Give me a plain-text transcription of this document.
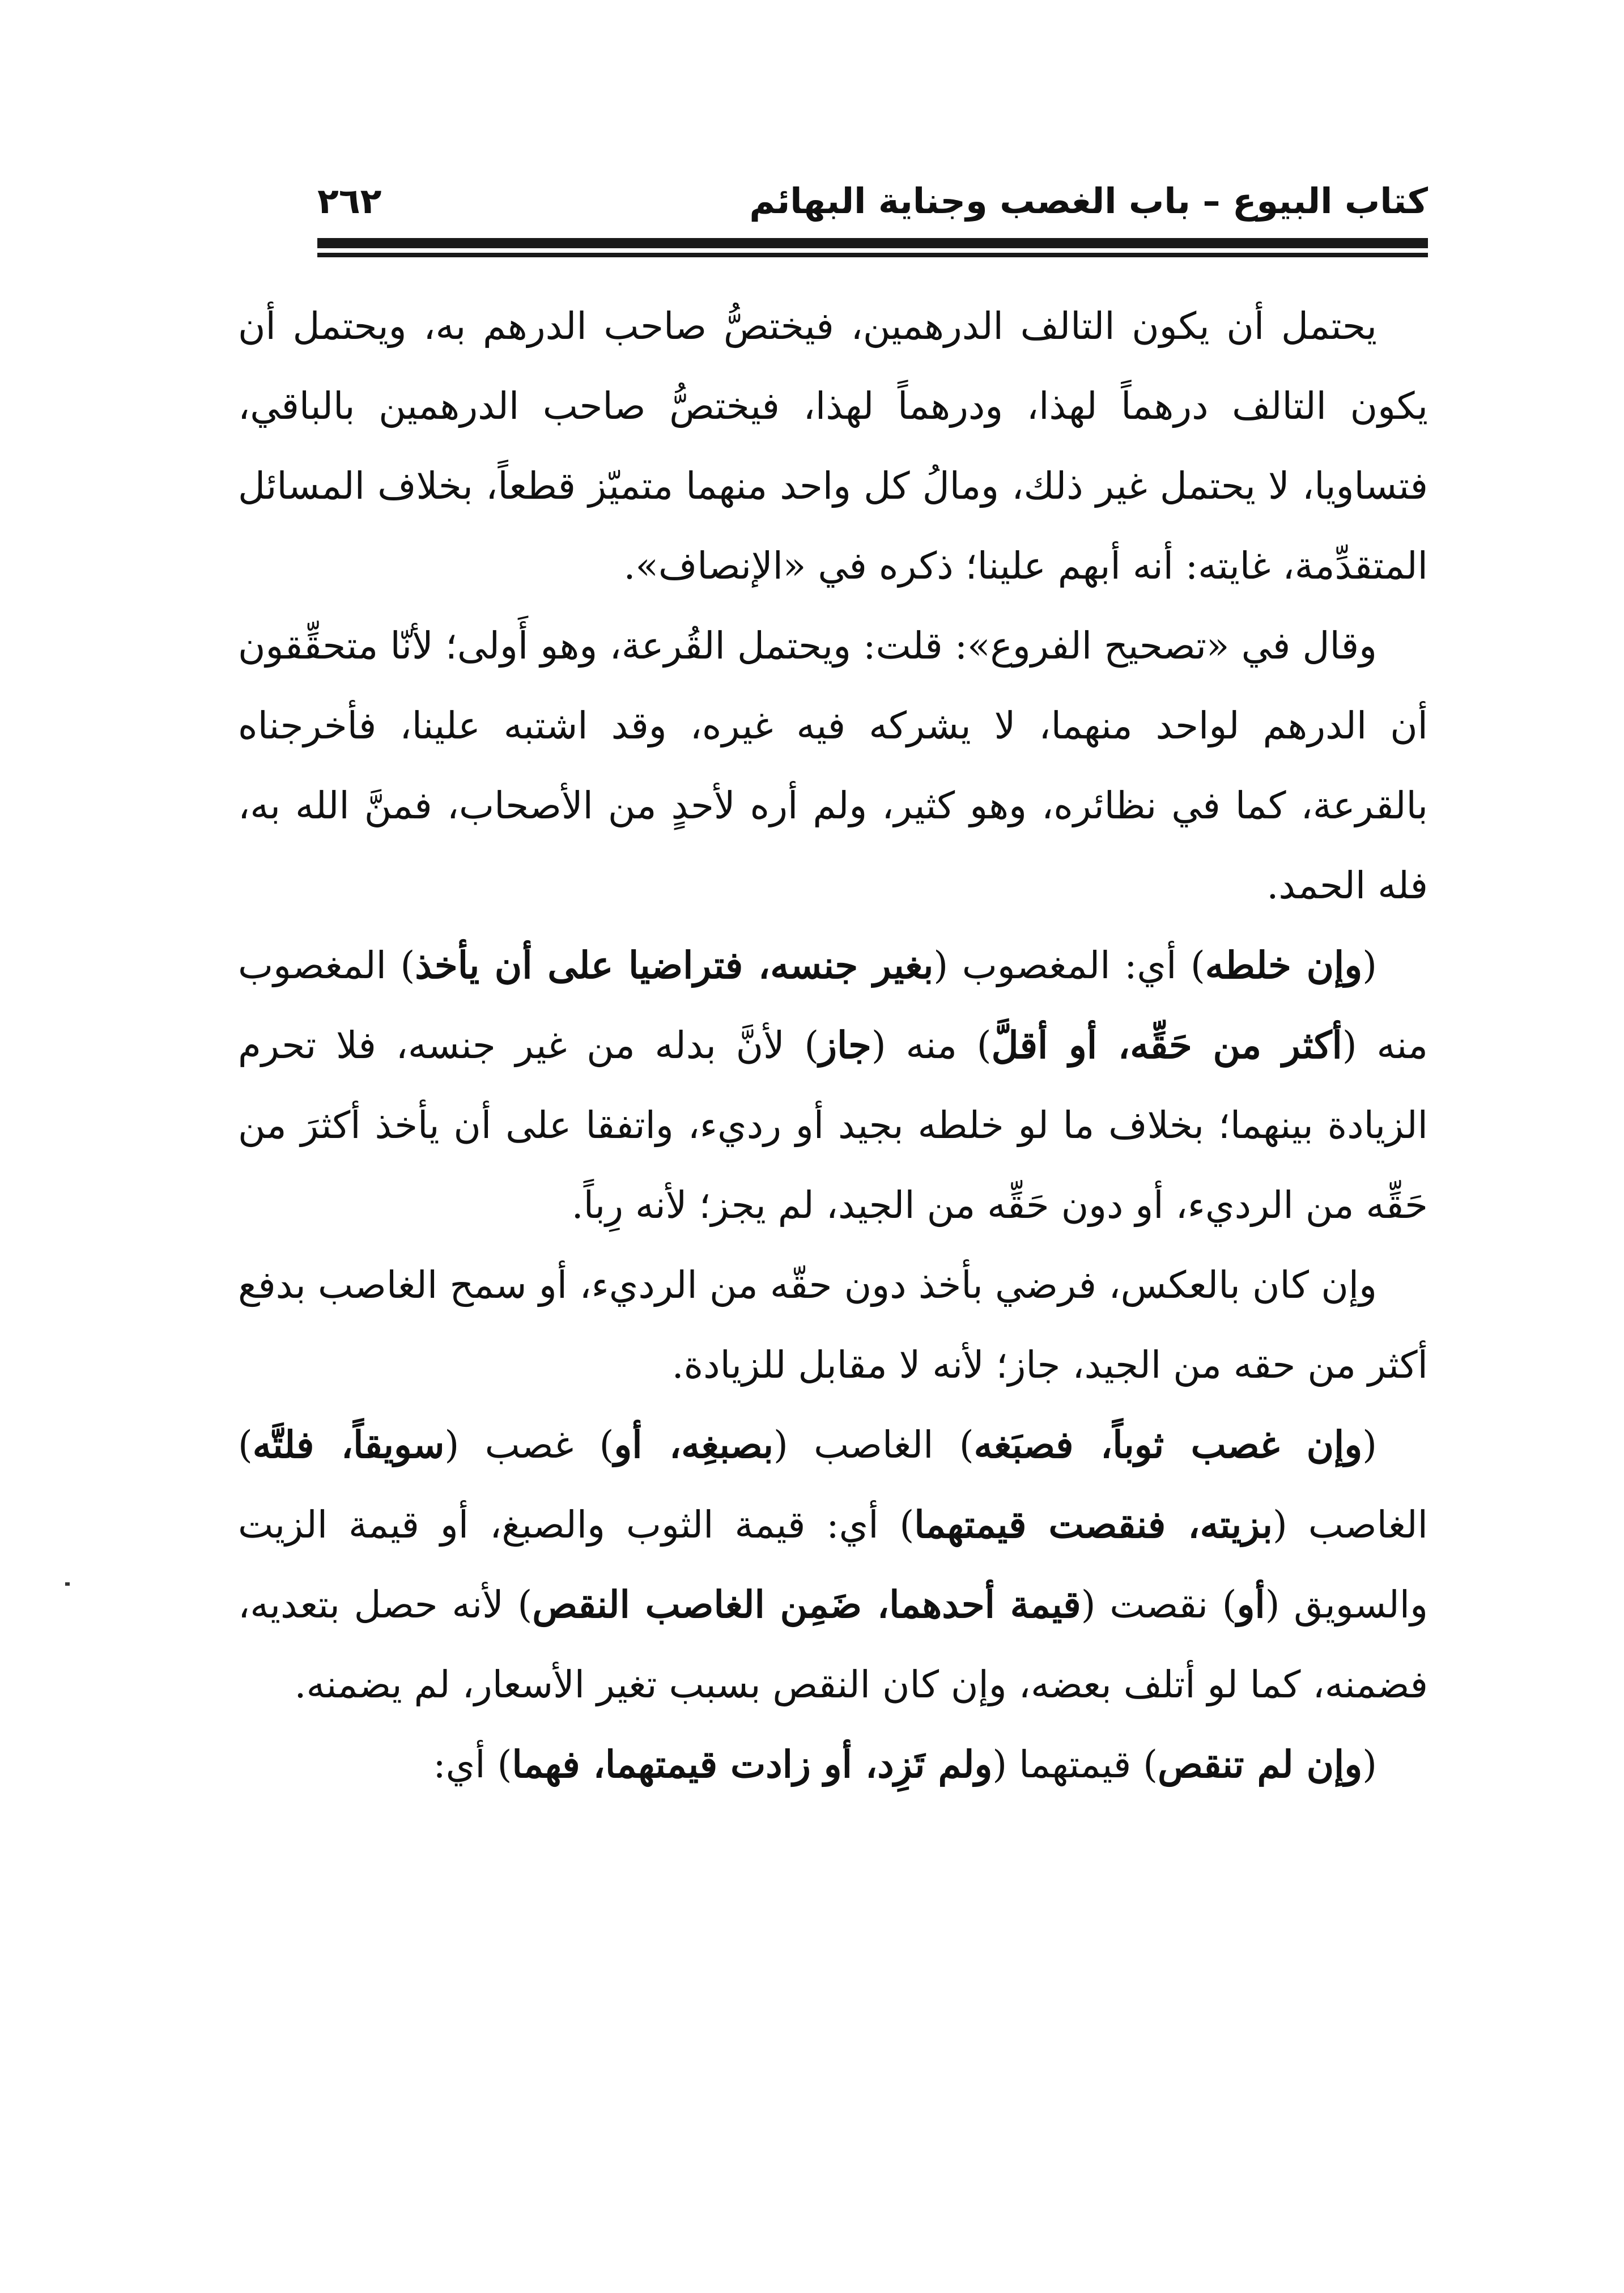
٢٦٢	كتاب البيوع – باب الغصب وجناية البهائم

يحتمل أن يكون التالف الدرهمين، فيختصُّ صاحب الدرهم به، ويحتمل أن يكون التالف درهماً لهذا، ودرهماً لهذا، فيختصُّ صاحب الدرهمين بالباقي، فتساويا، لا يحتمل غير ذلك، ومالُ كل واحد منهما متميّز قطعاً، بخلاف المسائل المتقدِّمة، غايته: أنه أبهم علينا؛ ذكره في «الإنصاف».

وقال في «تصحيح الفروع»: قلت: ويحتمل القُرعة، وهو أَولى؛ لأنّا متحقِّقون أن الدرهم لواحد منهما، لا يشركه فيه غيره، وقد اشتبه علينا، فأخرجناه بالقرعة، كما في نظائره، وهو كثير، ولم أره لأحدٍ من الأصحاب، فمنَّ الله به، فله الحمد.

(وإن خلطه) أي: المغصوب (بغير جنسه، فتراضيا على أن يأخذ) المغصوب منه (أكثر من حَقِّه، أو أقلَّ) منه (جاز) لأنَّ بدله من غير جنسه، فلا تحرم الزيادة بينهما؛ بخلاف ما لو خلطه بجيد أو رديء، واتفقا على أن يأخذ أكثرَ من حَقِّه من الرديء، أو دون حَقِّه من الجيد، لم يجز؛ لأنه رِباً.

وإن كان بالعكس، فرضي بأخذ دون حقّه من الرديء، أو سمح الغاصب بدفع أكثر من حقه من الجيد، جاز؛ لأنه لا مقابل للزيادة.

(وإن غصب ثوباً، فصبَغه) الغاصب (بصبغِه، أو) غصب (سويقاً، فلتَّه) الغاصب (بزيته، فنقصت قيمتهما) أي: قيمة الثوب والصبغ، أو قيمة الزيت والسويق (أو) نقصت (قيمة أحدهما، ضَمِن الغاصب النقص) لأنه حصل بتعديه، فضمنه، كما لو أتلف بعضه، وإن كان النقص بسبب تغير الأسعار، لم يضمنه.

(وإن لم تنقص) قيمتهما (ولم تَزِد، أو زادت قيمتهما، فهما) أي:
